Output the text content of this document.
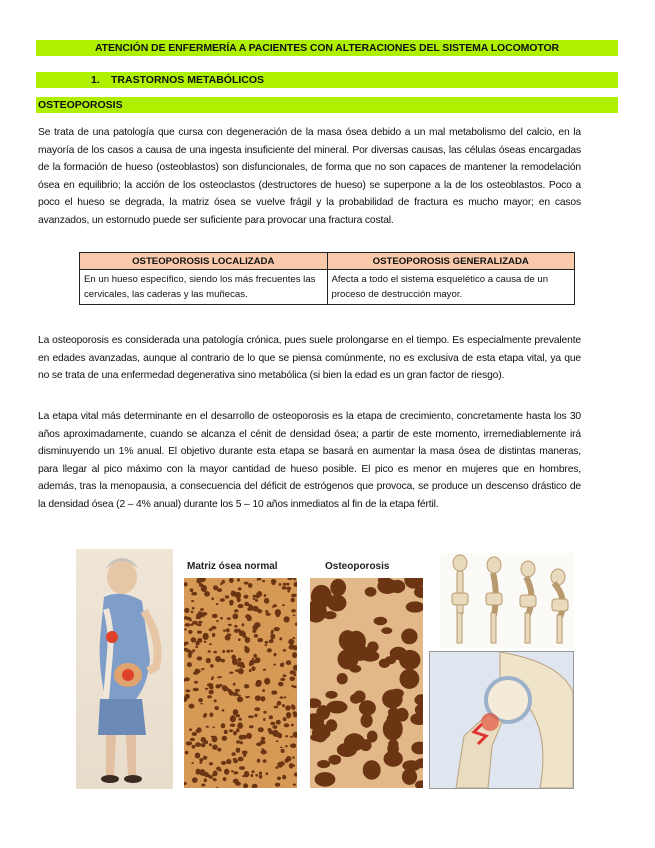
ATENCIÓN DE ENFERMERÍA A PACIENTES CON ALTERACIONES DEL SISTEMA LOCOMOTOR
1. TRASTORNOS METABÓLICOS
OSTEOPOROSIS
Se trata de una patología que cursa con degeneración de la masa ósea debido a un mal metabolismo del calcio, en la mayoría de los casos a causa de una ingesta insuficiente del mineral. Por diversas causas, las células óseas encargadas de la formación de hueso (osteoblastos) son disfuncionales, de forma que no son capaces de mantener la remodelación ósea en equilibrio; la acción de los osteoclastos (destructores de hueso) se superpone a la de los osteoblastos. Poco a poco el hueso se degrada, la matriz ósea se vuelve frágil y la probabilidad de fractura es mucho mayor; en casos avanzados, un estornudo puede ser suficiente para provocar una fractura costal.
OSTEOPOROSIS LOCALIZADA	OSTEOPOROSIS GENERALIZADA
En un hueso específico, siendo los más frecuentes las cervicales, las caderas y las muñecas.	Afecta a todo el sistema esquelético a causa de un proceso de destrucción mayor.
La osteoporosis es considerada una patología crónica, pues suele prolongarse en el tiempo. Es especialmente prevalente en edades avanzadas, aunque al contrario de lo que se piensa comúnmente, no es exclusiva de esta etapa vital, ya que no se trata de una enfermedad degenerativa sino metabólica (si bien la edad es un gran factor de riesgo).
La etapa vital más determinante en el desarrollo de osteoporosis es la etapa de crecimiento, concretamente hasta los 30 años aproximadamente, cuando se alcanza el cénit de densidad ósea; a partir de este momento, irremediablemente irá disminuyendo un 1% anual. El objetivo durante esta etapa se basará en aumentar la masa ósea de distintas maneras, para llegar al pico máximo con la mayor cantidad de hueso posible. El pico es menor en mujeres que en hombres, además, tras la menopausia, a consecuencia del déficit de estrógenos que provoca, se produce un descenso drástico de la densidad ósea (2 – 4% anual) durante los 5 – 10 años inmediatos al fin de la etapa fértil.
Matriz ósea normal	Osteoporosis
